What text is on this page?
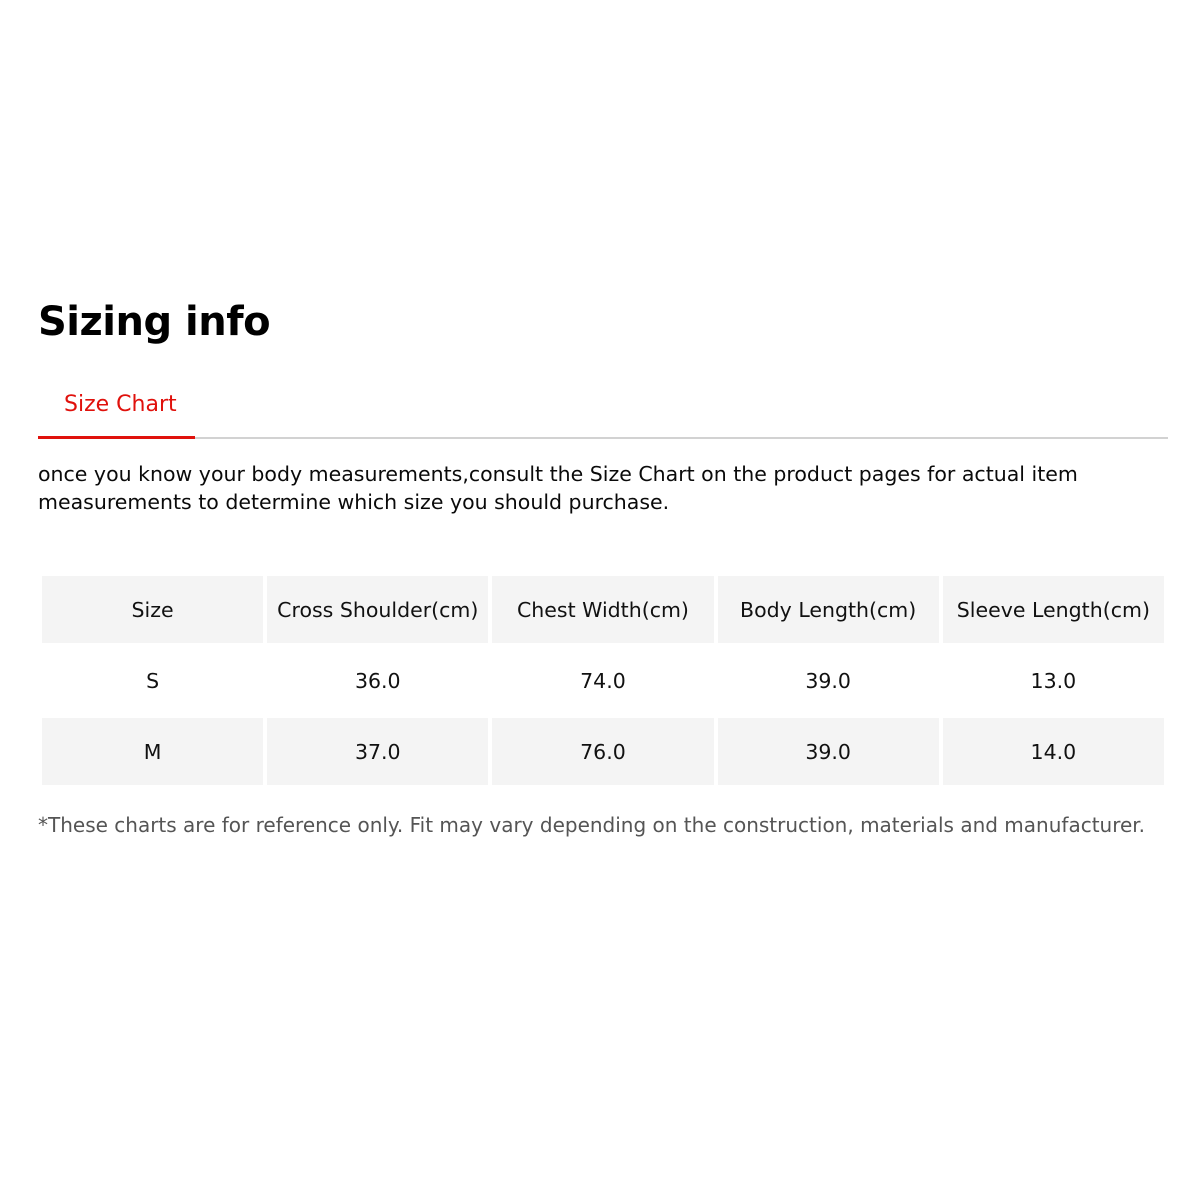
Sizing info
Size Chart

once you know your body measurements,consult the Size Chart on the product pages for actual item measurements to determine which size you should purchase.

Size	Cross Shoulder(cm)	Chest Width(cm)	Body Length(cm)	Sleeve Length(cm)
S	36.0	74.0	39.0	13.0
M	37.0	76.0	39.0	14.0

*These charts are for reference only. Fit may vary depending on the construction, materials and manufacturer.
